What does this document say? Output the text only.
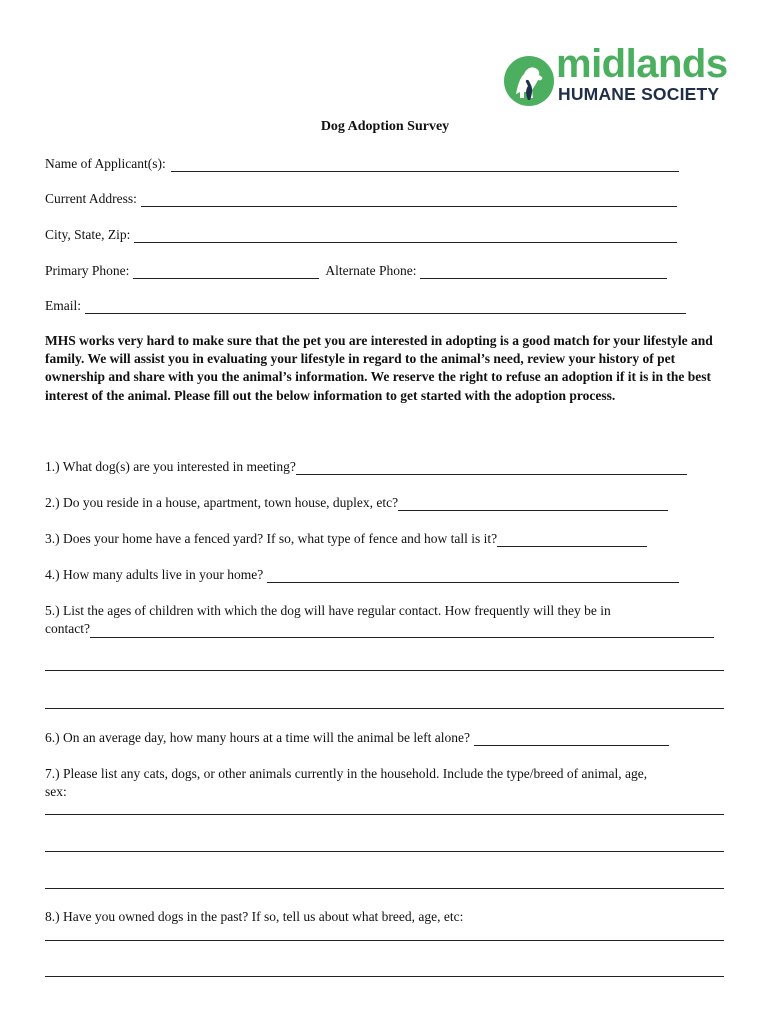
midlands
HUMANE SOCIETY
Dog Adoption Survey
Name of Applicant(s):
Current Address:
City, State, Zip:
Primary Phone:	Alternate Phone:
Email:
MHS works very hard to make sure that the pet you are interested in adopting is a good match for your lifestyle and family. We will assist you in evaluating your lifestyle in regard to the animal’s need, review your history of pet ownership and share with you the animal’s information. We reserve the right to refuse an adoption if it is in the best interest of the animal. Please fill out the below information to get started with the adoption process.
1.) What dog(s) are you interested in meeting?
2.) Do you reside in a house, apartment, town house, duplex, etc?
3.) Does your home have a fenced yard? If so, what type of fence and how tall is it?
4.) How many adults live in your home?
5.) List the ages of children with which the dog will have regular contact. How frequently will they be in
contact?
6.) On an average day, how many hours at a time will the animal be left alone?
7.) Please list any cats, dogs, or other animals currently in the household. Include the type/breed of animal, age,
sex:
8.) Have you owned dogs in the past? If so, tell us about what breed, age, etc:
